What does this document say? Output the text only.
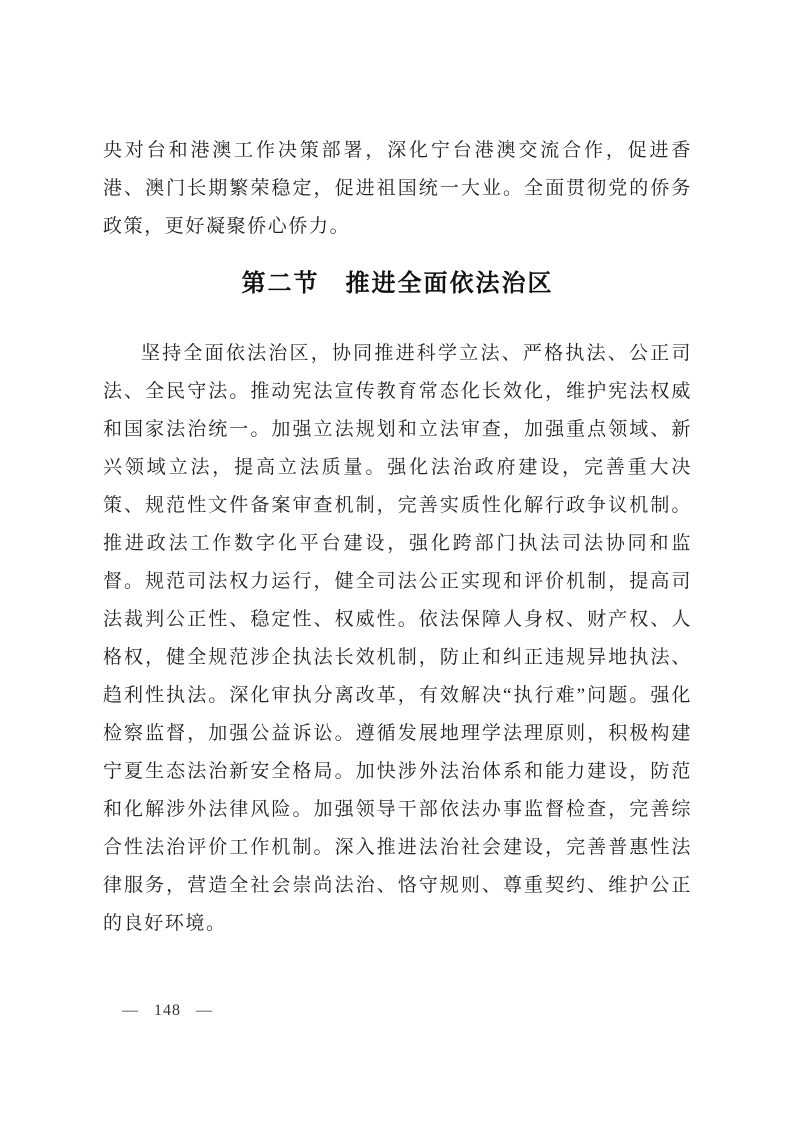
央对台和港澳工作决策部署，深化宁台港澳交流合作，促进香港、澳门长期繁荣稳定，促进祖国统一大业。全面贯彻党的侨务政策，更好凝聚侨心侨力。

第二节　推进全面依法治区

坚持全面依法治区，协同推进科学立法、严格执法、公正司法、全民守法。推动宪法宣传教育常态化长效化，维护宪法权威和国家法治统一。加强立法规划和立法审查，加强重点领域、新兴领域立法，提高立法质量。强化法治政府建设，完善重大决策、规范性文件备案审查机制，完善实质性化解行政争议机制。推进政法工作数字化平台建设，强化跨部门执法司法协同和监督。规范司法权力运行，健全司法公正实现和评价机制，提高司法裁判公正性、稳定性、权威性。依法保障人身权、财产权、人格权，健全规范涉企执法长效机制，防止和纠正违规异地执法、趋利性执法。深化审执分离改革，有效解决“执行难”问题。强化检察监督，加强公益诉讼。遵循发展地理学法理原则，积极构建宁夏生态法治新安全格局。加快涉外法治体系和能力建设，防范和化解涉外法律风险。加强领导干部依法办事监督检查，完善综合性法治评价工作机制。深入推进法治社会建设，完善普惠性法律服务，营造全社会崇尚法治、恪守规则、尊重契约、维护公正的良好环境。

— 148 —
